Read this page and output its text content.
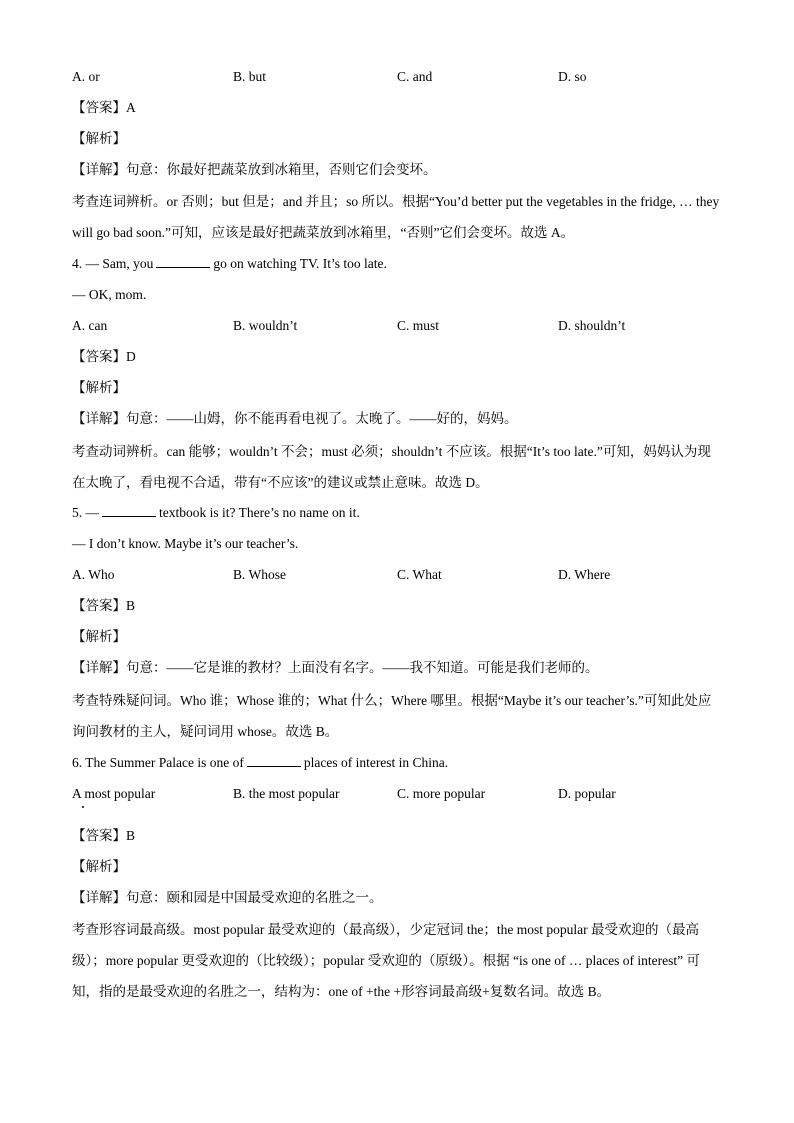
A. or	B. but	C. and	D. so
【答案】A
【解析】
【详解】句意：你最好把蔬菜放到冰箱里，否则它们会变坏。
考查连词辨析。or 否则；but 但是；and 并且；so 所以。根据“You’d better put the vegetables in the fridge, … they will go bad soon.”可知，应该是最好把蔬菜放到冰箱里，“否则”它们会变坏。故选 A。
4. — Sam, you	go on watching TV. It’s too late.
— OK, mom.
A. can	B. wouldn’t	C. must	D. shouldn’t
【答案】D
【解析】
【详解】句意：——山姆，你不能再看电视了。太晚了。——好的，妈妈。
考查动词辨析。can 能够；wouldn’t 不会；must 必须；shouldn’t 不应该。根据“It’s too late.”可知，妈妈认为现在太晚了，看电视不合适，带有“不应该”的建议或禁止意味。故选 D。
5. —	textbook is it? There’s no name on it.
— I don’t know. Maybe it’s our teacher’s.
A. Who	B. Whose	C. What	D. Where
【答案】B
【解析】
【详解】句意：——它是谁的教材？上面没有名字。——我不知道。可能是我们老师的。
考查特殊疑问词。Who 谁；Whose 谁的；What 什么；Where 哪里。根据“Maybe it’s our teacher’s.”可知此处应询问教材的主人，疑问词用 whose。故选 B。
6. The Summer Palace is one of	places of interest in China.
A most popular	B. the most popular	C. more popular	D. popular
【答案】B
【解析】
【详解】句意：颐和园是中国最受欢迎的名胜之一。
考查形容词最高级。most popular 最受欢迎的（最高级），少定冠词 the；the most popular 最受欢迎的（最高级）；more popular 更受欢迎的（比较级）；popular 受欢迎的（原级）。根据 “is one of … places of interest” 可知，指的是最受欢迎的名胜之一，结构为：one of +the +形容词最高级+复数名词。故选 B。
